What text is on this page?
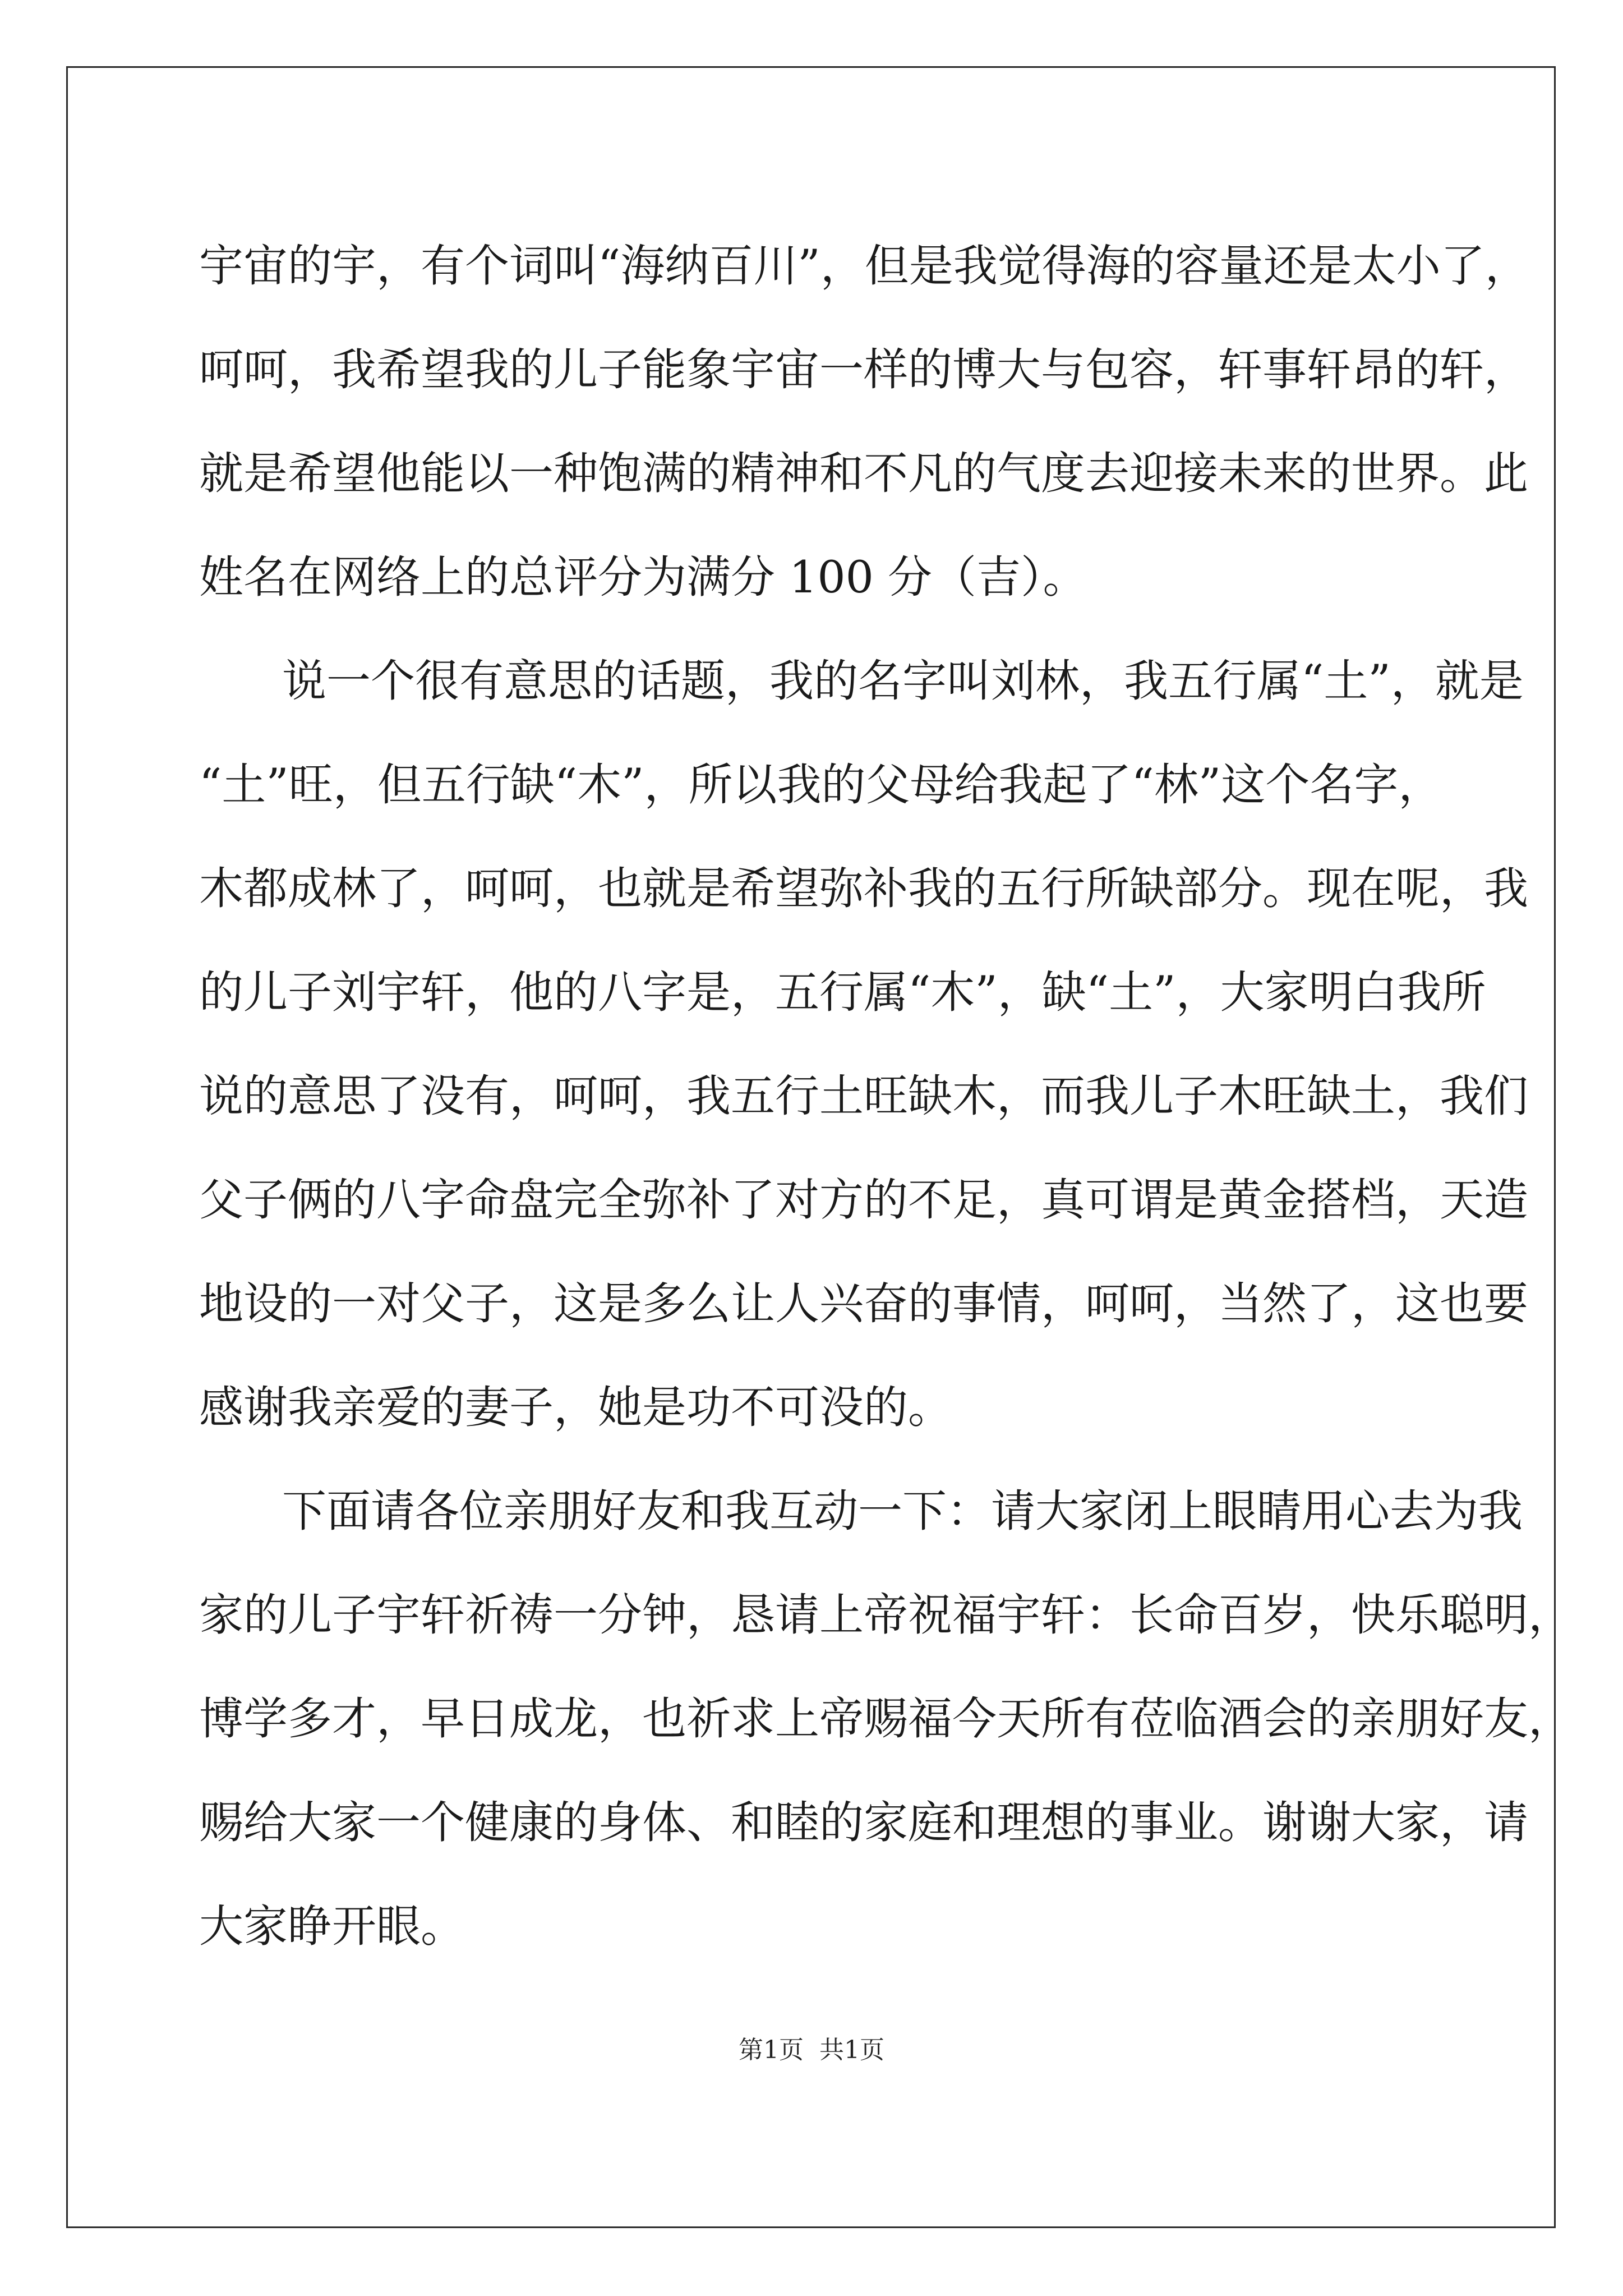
宇宙的宇，有个词叫“海纳百川”，但是我觉得海的容量还是太小了，
呵呵，我希望我的儿子能象宇宙一样的博大与包容，轩事轩昂的轩，
就是希望他能以一种饱满的精神和不凡的气度去迎接未来的世界。此
姓名在网络上的总评分为满分 100 分（吉）。
说一个很有意思的话题，我的名字叫刘林，我五行属“土”，就是
“土”旺，但五行缺“木”，所以我的父母给我起了“林”这个名字，
木都成林了，呵呵，也就是希望弥补我的五行所缺部分。现在呢，我
的儿子刘宇轩，他的八字是，五行属“木”，缺“土”，大家明白我所
说的意思了没有，呵呵，我五行土旺缺木，而我儿子木旺缺土，我们
父子俩的八字命盘完全弥补了对方的不足，真可谓是黄金搭档，天造
地设的一对父子，这是多么让人兴奋的事情，呵呵，当然了，这也要
感谢我亲爱的妻子，她是功不可没的。
下面请各位亲朋好友和我互动一下：请大家闭上眼睛用心去为我
家的儿子宇轩祈祷一分钟，恳请上帝祝福宇轩：长命百岁，快乐聪明，
博学多才，早日成龙，也祈求上帝赐福今天所有莅临酒会的亲朋好友，
赐给大家一个健康的身体、和睦的家庭和理想的事业。谢谢大家，请
大家睁开眼。
第1页 共1页
